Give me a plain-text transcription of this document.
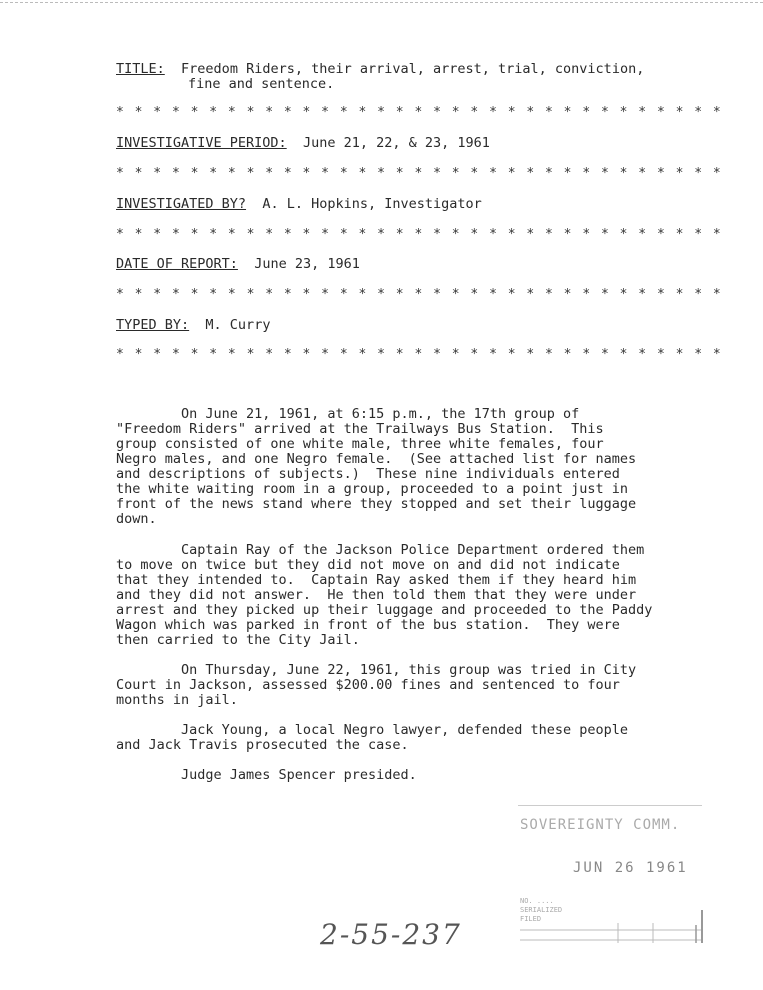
TITLE: Freedom Riders, their arrival, arrest, trial, conviction,
fine and sentence.
* * * * * * * * * * * * * * * * * * * * * * * * * * * * * * * * *
INVESTIGATIVE PERIOD: June 21, 22, & 23, 1961
* * * * * * * * * * * * * * * * * * * * * * * * * * * * * * * * *
INVESTIGATED BY? A. L. Hopkins, Investigator
* * * * * * * * * * * * * * * * * * * * * * * * * * * * * * * * *
DATE OF REPORT: June 23, 1961
* * * * * * * * * * * * * * * * * * * * * * * * * * * * * * * * *
TYPED BY: M. Curry
* * * * * * * * * * * * * * * * * * * * * * * * * * * * * * * * *
On June 21, 1961, at 6:15 p.m., the 17th group of
"Freedom Riders" arrived at the Trailways Bus Station.  This
group consisted of one white male, three white females, four
Negro males, and one Negro female.  (See attached list for names
and descriptions of subjects.)  These nine individuals entered
the white waiting room in a group, proceeded to a point just in
front of the news stand where they stopped and set their luggage
down.
Captain Ray of the Jackson Police Department ordered them
to move on twice but they did not move on and did not indicate
that they intended to.  Captain Ray asked them if they heard him
and they did not answer.  He then told them that they were under
arrest and they picked up their luggage and proceeded to the Paddy
Wagon which was parked in front of the bus station.  They were
then carried to the City Jail.
On Thursday, June 22, 1961, this group was tried in City
Court in Jackson, assessed $200.00 fines and sentenced to four
months in jail.
Jack Young, a local Negro lawyer, defended these people
and Jack Travis prosecuted the case.
Judge James Spencer presided.
SOVEREIGNTY COMM.
JUN 26 1961
NO. ....
SERIALIZED
FILED
2-55-237
